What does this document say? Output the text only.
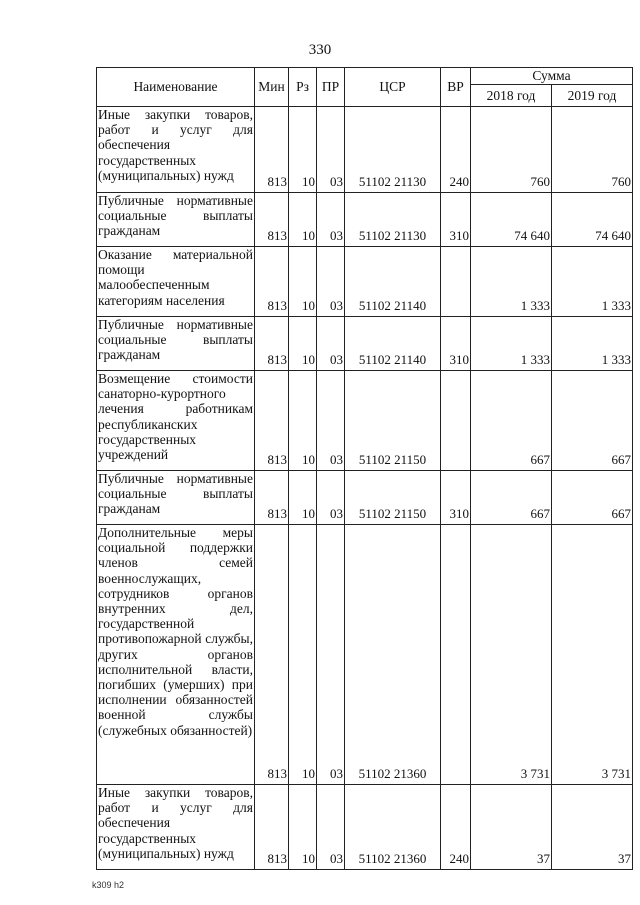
330
Наименование	Мин	Рз	ПР	ЦСР	ВР	Сумма	
						2018 год	2019 год
Иные закупки товаров, работ и услуг для обеспечения государственных (муниципальных) нужд	813	10	03	51102 21130	240	760	760
Публичные нормативные социальные выплаты гражданам	813	10	03	51102 21130	310	74 640	74 640
Оказание материальной помощи малообеспеченным категориям населения	813	10	03	51102 21140		1 333	1 333
Публичные нормативные социальные выплаты гражданам	813	10	03	51102 21140	310	1 333	1 333
Возмещение стоимости санаторно-курортного лечения работникам республиканских государственных учреждений	813	10	03	51102 21150		667	667
Публичные нормативные социальные выплаты гражданам	813	10	03	51102 21150	310	667	667
Дополнительные меры социальной поддержки членов семей военнослужащих, сотрудников органов внутренних дел, государственной противопожарной службы, других органов исполнительной власти, погибших (умерших) при исполнении обязанностей военной службы (служебных обязанностей)	813	10	03	51102 21360		3 731	3 731
Иные закупки товаров, работ и услуг для обеспечения государственных (муниципальных) нужд	813	10	03	51102 21360	240	37	37
k309 h2
